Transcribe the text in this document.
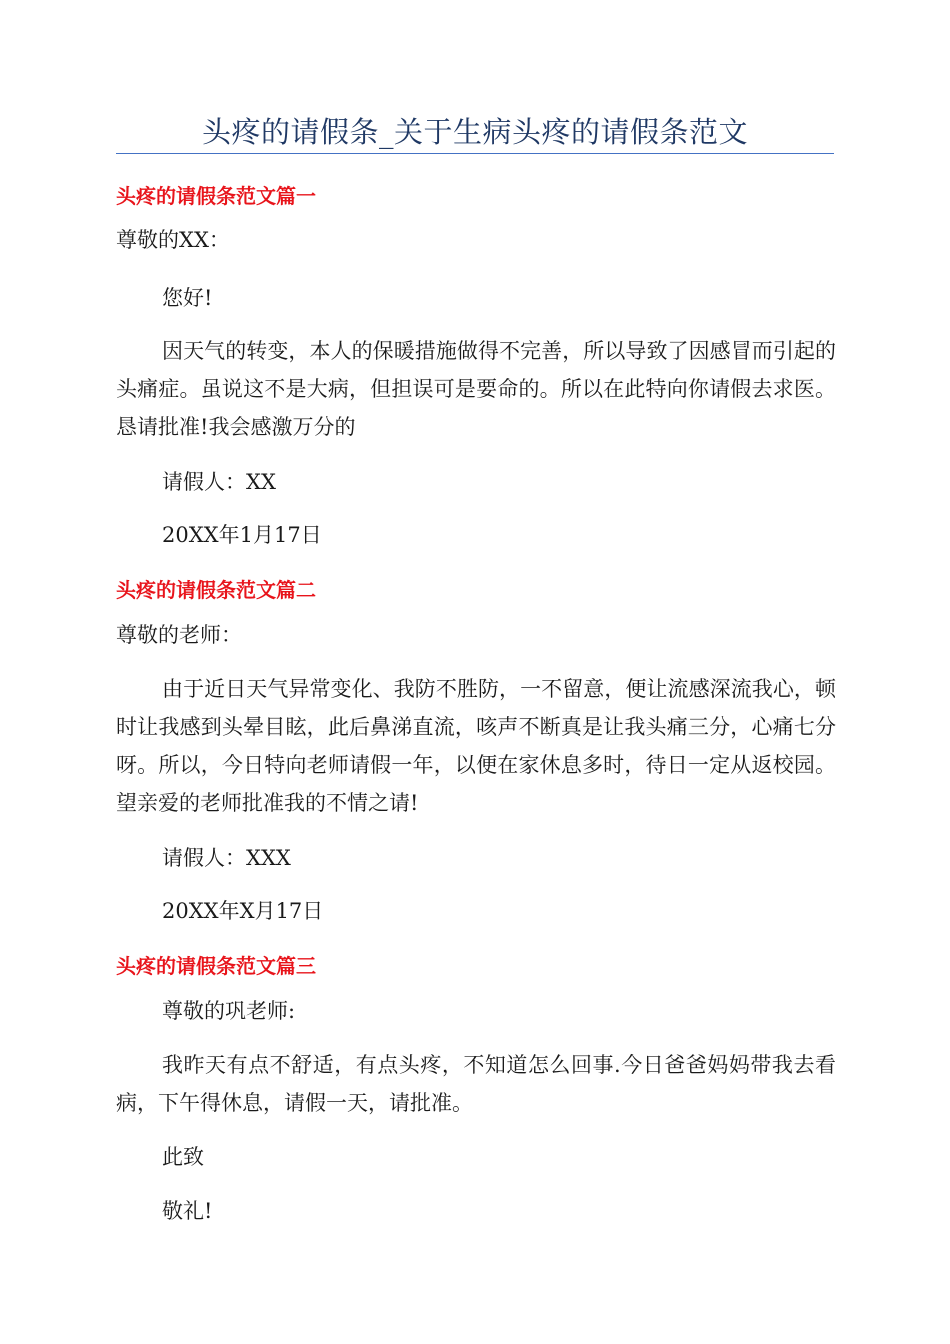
头疼的请假条_关于生病头疼的请假条范文
头疼的请假条范文篇一
尊敬的XX：
您好!
因天气的转变，本人的保暖措施做得不完善，所以导致了因感冒而引起的头痛症。虽说这不是大病，但担误可是要命的。所以在此特向你请假去求医。恳请批准!我会感激万分的
请假人：XX
20XX年1月17日
头疼的请假条范文篇二
尊敬的老师：
由于近日天气异常变化、我防不胜防，一不留意，便让流感深流我心，顿时让我感到头晕目眩，此后鼻涕直流，咳声不断真是让我头痛三分，心痛七分呀。所以，今日特向老师请假一年，以便在家休息多时，待日一定从返校园。望亲爱的老师批准我的不情之请!
请假人：XXX
20XX年X月17日
头疼的请假条范文篇三
尊敬的巩老师:
我昨天有点不舒适，有点头疼，不知道怎么回事.今日爸爸妈妈带我去看病，下午得休息，请假一天，请批准。
此致
敬礼!
